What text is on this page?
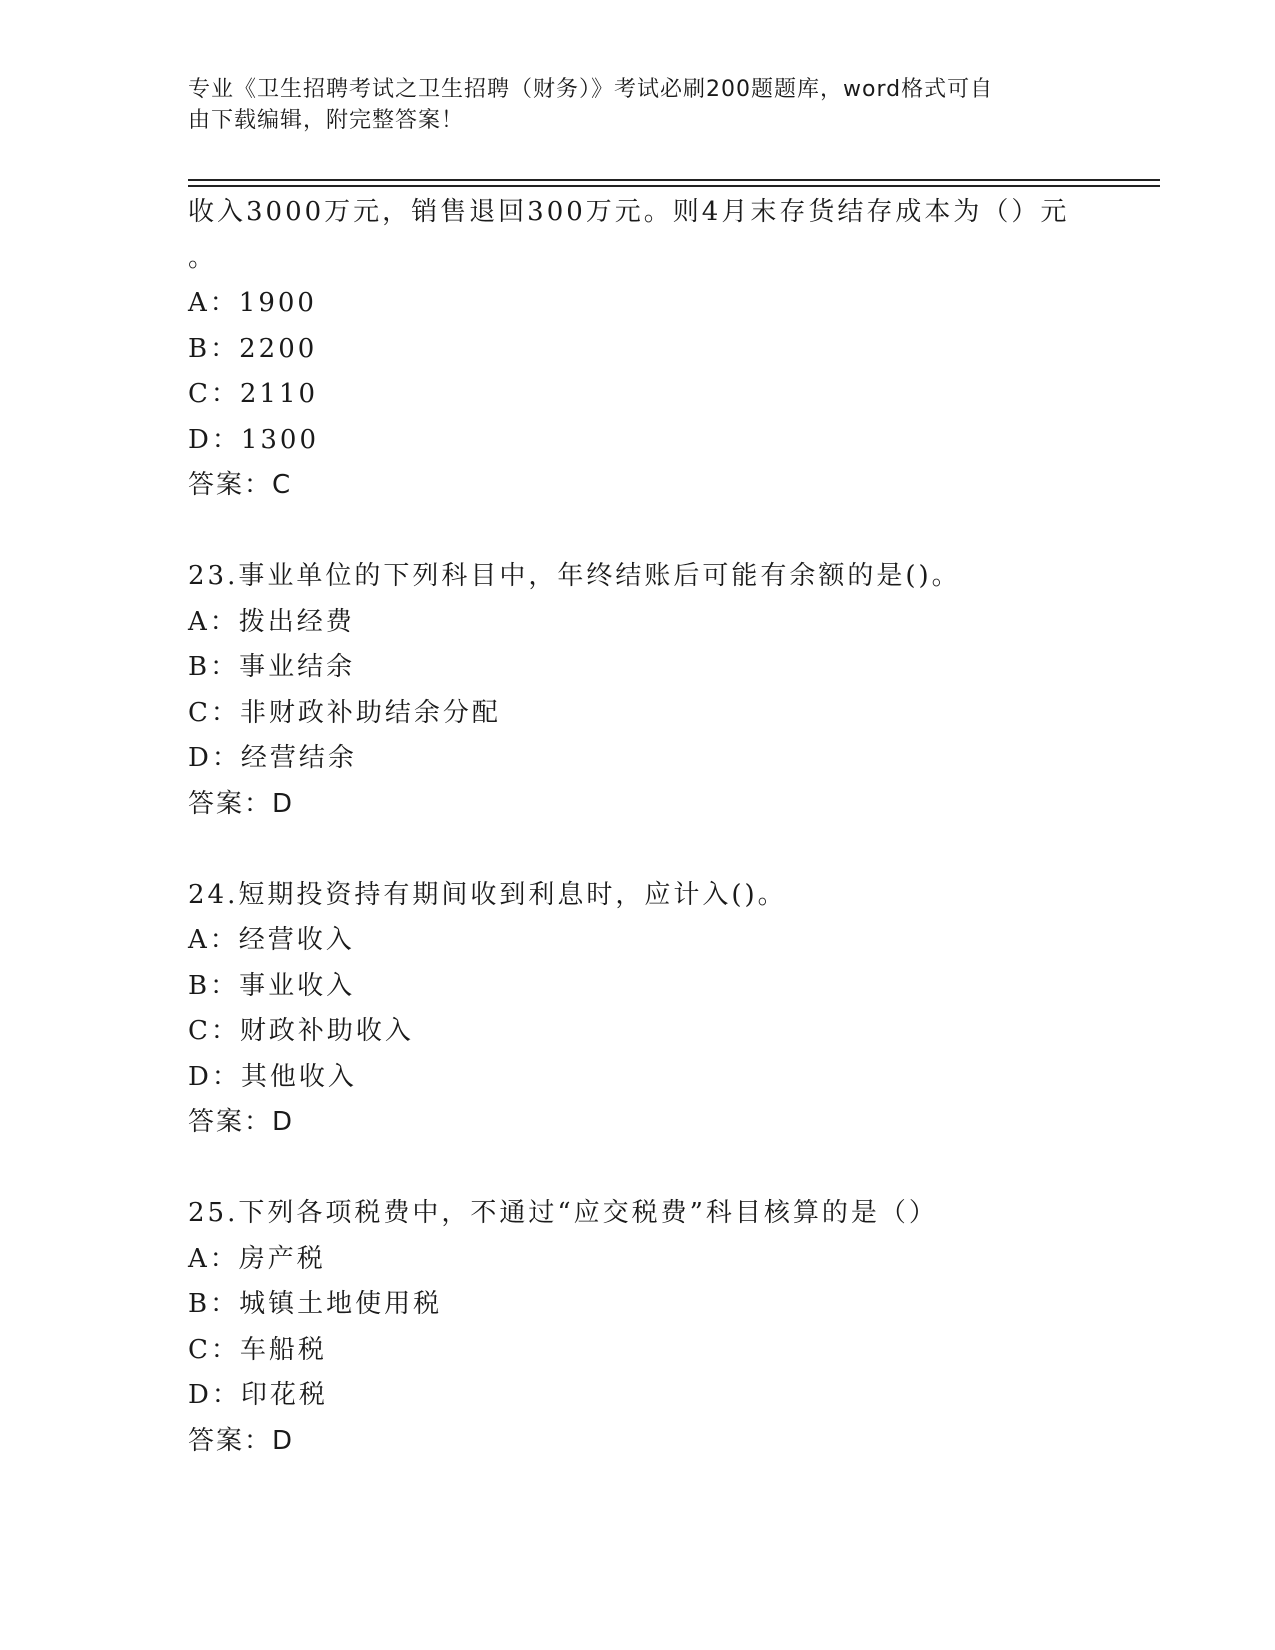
专业《卫生招聘考试之卫生招聘（财务）》考试必刷200题题库，word格式可自
由下载编辑，附完整答案！
收入3000万元，销售退回300万元。则4月末存货结存成本为（）元
。
A：1900
B：2200
C：2110
D：1300
答案：C
23.事业单位的下列科目中，年终结账后可能有余额的是()。
A：拨出经费
B：事业结余
C：非财政补助结余分配
D：经营结余
答案：D
24.短期投资持有期间收到利息时，应计入()。
A：经营收入
B：事业收入
C：财政补助收入
D：其他收入
答案：D
25.下列各项税费中，不通过“应交税费”科目核算的是（）
A：房产税
B：城镇土地使用税
C：车船税
D：印花税
答案：D
